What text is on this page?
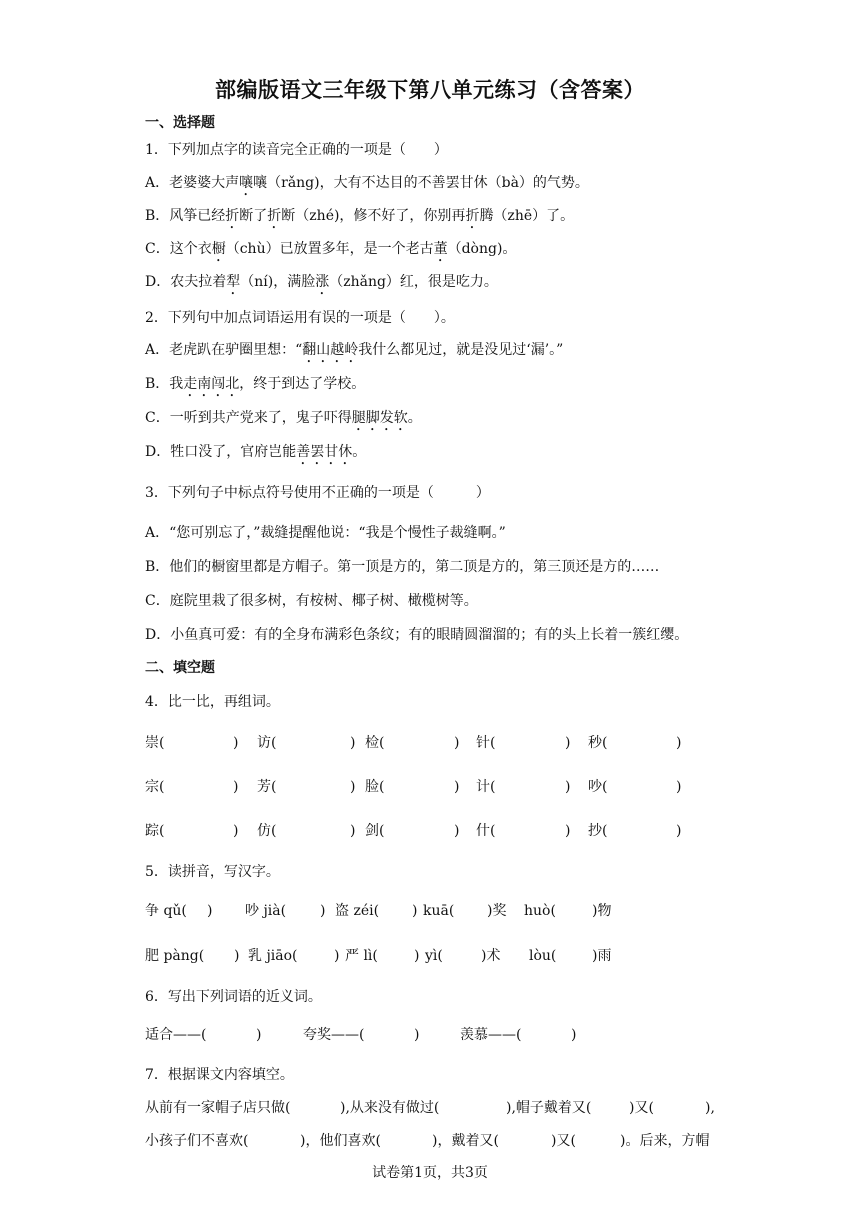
部编版语文三年级下第八单元练习（含答案）
一、选择题
1．下列加点字的读音完全正确的一项是（　　）
A．老婆婆大声嚷嚷（rǎng)，大有不达目的不善罢甘休（bà）的气势。
B．风筝已经折断了折断（zhé)，修不好了，你别再折腾（zhē）了。
C．这个衣橱（chù）已放置多年，是一个老古董（dòng)。
D．农夫拉着犁（ní)，满脸涨（zhǎng）红，很是吃力。
2．下列句中加点词语运用有误的一项是（　　）。
A．老虎趴在驴圈里想：“翻山越岭我什么都见过，就是没见过‘漏’。”
B．我走南闯北，终于到达了学校。
C．一听到共产党来了，鬼子吓得腿脚发软。
D．牲口没了，官府岂能善罢甘休。
3．下列句子中标点符号使用不正确的一项是（　　　）
A．“您可别忘了，”裁缝提醒他说：“我是个慢性子裁缝啊。”
B．他们的橱窗里都是方帽子。第一顶是方的，第二顶是方的，第三顶还是方的……
C．庭院里栽了很多树，有桉树、椰子树、橄榄树等。
D．小鱼真可爱：有的全身布满彩色条纹；有的眼睛圆溜溜的；有的头上长着一簇红缨。
二、填空题
4．比一比，再组词。
崇(	) 访(	) 检(	) 针(	) 秒(	)
宗(	) 芳(	) 脸(	) 计(	) 吵(	)
踪(	) 仿(	) 剑(	) 什(	) 抄(	)
5．读拼音，写汉字。
争 qǔ( ) 吵 jià( ) 盗 zéi( ) kuā( )奖 huò(	)物
肥 pàng( ) 乳 jiāo(	) 严 lì(	) yì(	)术 lòu(	)雨
6．写出下列词语的近义词。
适合——(	)	夸奖——(	)	羡慕——(	)
7．根据课文内容填空。
从前有一家帽子店只做(	),从来没有做过(	),帽子戴着又(	)又(	),
小孩子们不喜欢(	)，他们喜欢(	)，戴着又(	)又(	)。后来，方帽
试卷第1页，共3页
